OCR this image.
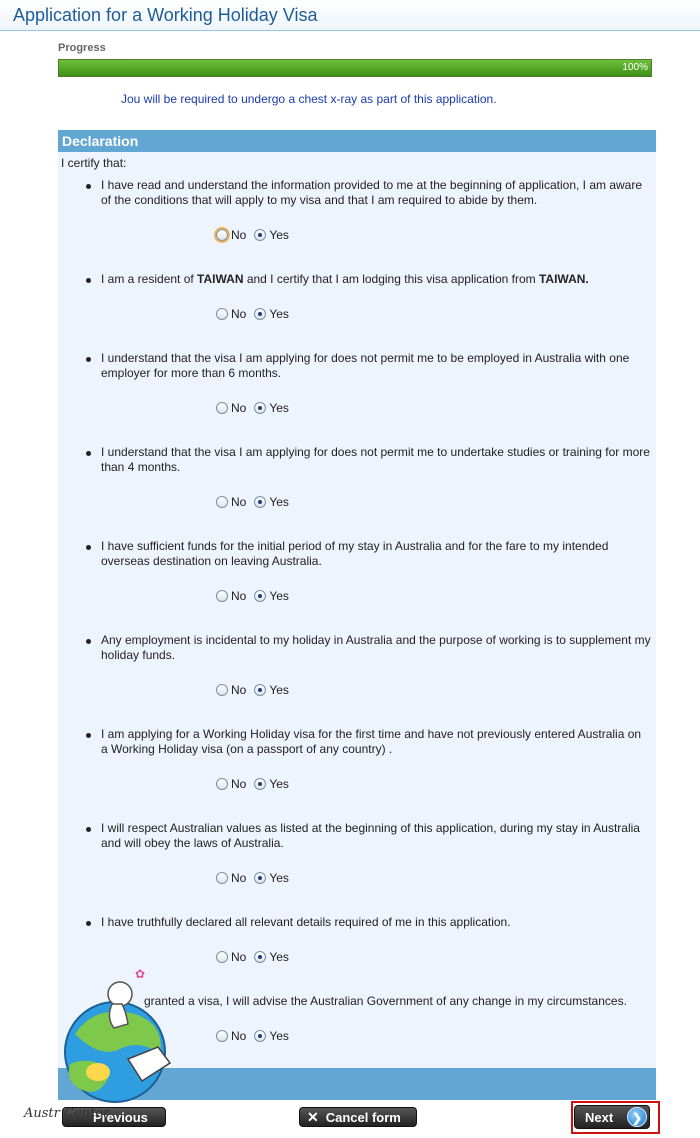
Application for a Working Holiday Visa
Progress
100%
Jou will be required to undergo a chest x-ray as part of this application.
Declaration
I certify that:
I have read and understand the information provided to me at the beginning of application, I am aware of the conditions that will apply to my visa and that I am required to abide by them.
No Yes
I am a resident of TAIWAN and I certify that I am lodging this visa application from TAIWAN.
No Yes
I understand that the visa I am applying for does not permit me to be employed in Australia with one employer for more than 6 months.
No Yes
I understand that the visa I am applying for does not permit me to undertake studies or training for more than 4 months.
No Yes
I have sufficient funds for the initial period of my stay in Australia and for the fare to my intended overseas destination on leaving Australia.
No Yes
Any employment is incidental to my holiday in Australia and the purpose of working is to supplement my holiday funds.
No Yes
I am applying for a Working Holiday visa for the first time and have not previously entered Australia on a Working Holiday visa (on a passport of any country) .
No Yes
I will respect Australian values as listed at the beginning of this application, during my stay in Australia and will obey the laws of Australia.
No Yes
I have truthfully declared all relevant details required of me in this application.
No Yes
granted a visa, I will advise the Australian Government of any change in my circumstances.
No Yes
Previous	✕ Cancel form	Next	❯
✿
Austr Center
